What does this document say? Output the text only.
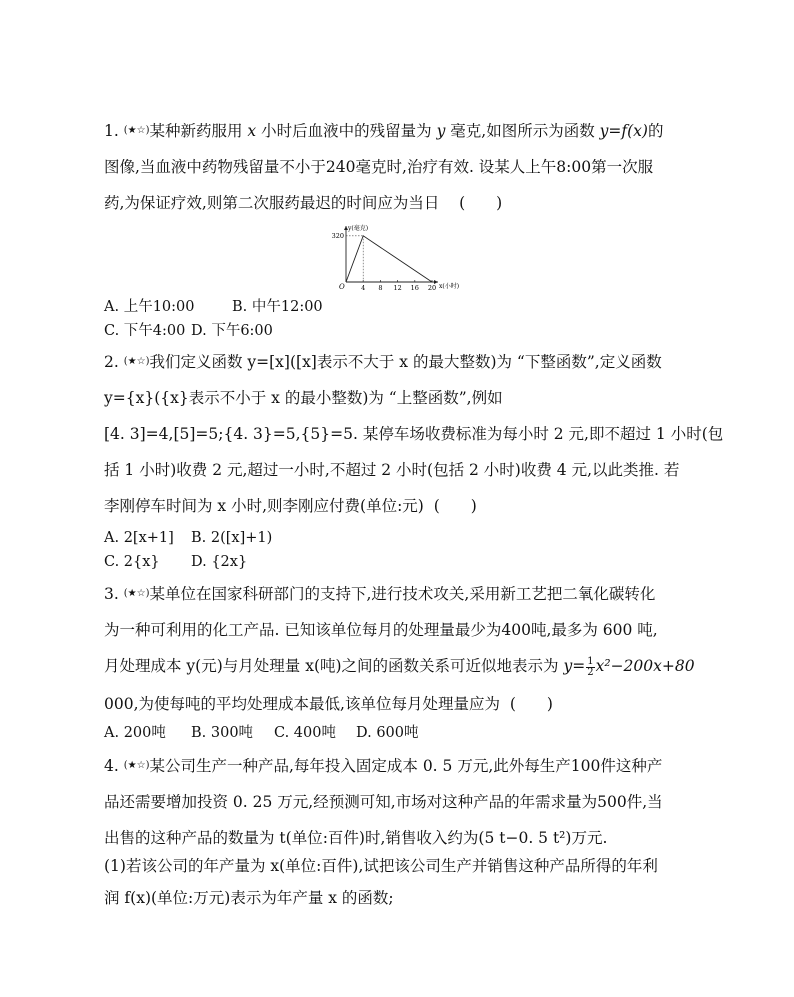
1. (★☆)某种新药服用 x 小时后血液中的残留量为 y 毫克,如图所示为函数 y=f(x)的
图像,当血液中药物残留量不小于240毫克时,治疗有效. 设某人上午8:00第一次服
药,为保证疗效,则第二次服药最迟的时间应为当日 (　　)
y(毫克)
x(小时)
O	4 8 12 16 20
320
A. 上午10:00	B. 中午12:00
C. 下午4:00 D. 下午6:00
2. (★☆)我们定义函数 y=[x]([x]表示不大于 x 的最大整数)为 “下整函数”,定义函数
y={x}({x}表示不小于 x 的最小整数)为 “上整函数”,例如
[4. 3]=4,[5]=5;{4. 3}=5,{5}=5. 某停车场收费标准为每小时 2 元,即不超过 1 小时(包
括 1 小时)收费 2 元,超过一小时,不超过 2 小时(包括 2 小时)收费 4 元,以此类推. 若
李刚停车时间为 x 小时,则李刚应付费(单位:元) (　　)
A. 2[x+1] B. 2([x]+1)
C. 2{x} D. {2x}
3. (★☆)某单位在国家科研部门的支持下,进行技术攻关,采用新工艺把二氧化碳转化
为一种可利用的化工产品. 已知该单位每月的处理量最少为400吨,最多为 600 吨,
月处理成本 y(元)与月处理量 x(吨)之间的函数关系可近似地表示为 $y= \frac{1}{2} x^2-200x+80$
000,为使每吨的平均处理成本最低,该单位每月处理量应为 (　　)
A. 200吨 B. 300吨 C. 400吨 D. 600吨
4. (★☆)某公司生产一种产品,每年投入固定成本 0. 5 万元,此外每生产100件这种产
品还需要增加投资 0. 25 万元,经预测可知,市场对这种产品的年需求量为500件,当
出售的这种产品的数量为 t(单位:百件)时,销售收入约为(5 t−0. 5 t²)万元.
(1)若该公司的年产量为 x(单位:百件),试把该公司生产并销售这种产品所得的年利
润 f(x)(单位:万元)表示为年产量 x 的函数;
